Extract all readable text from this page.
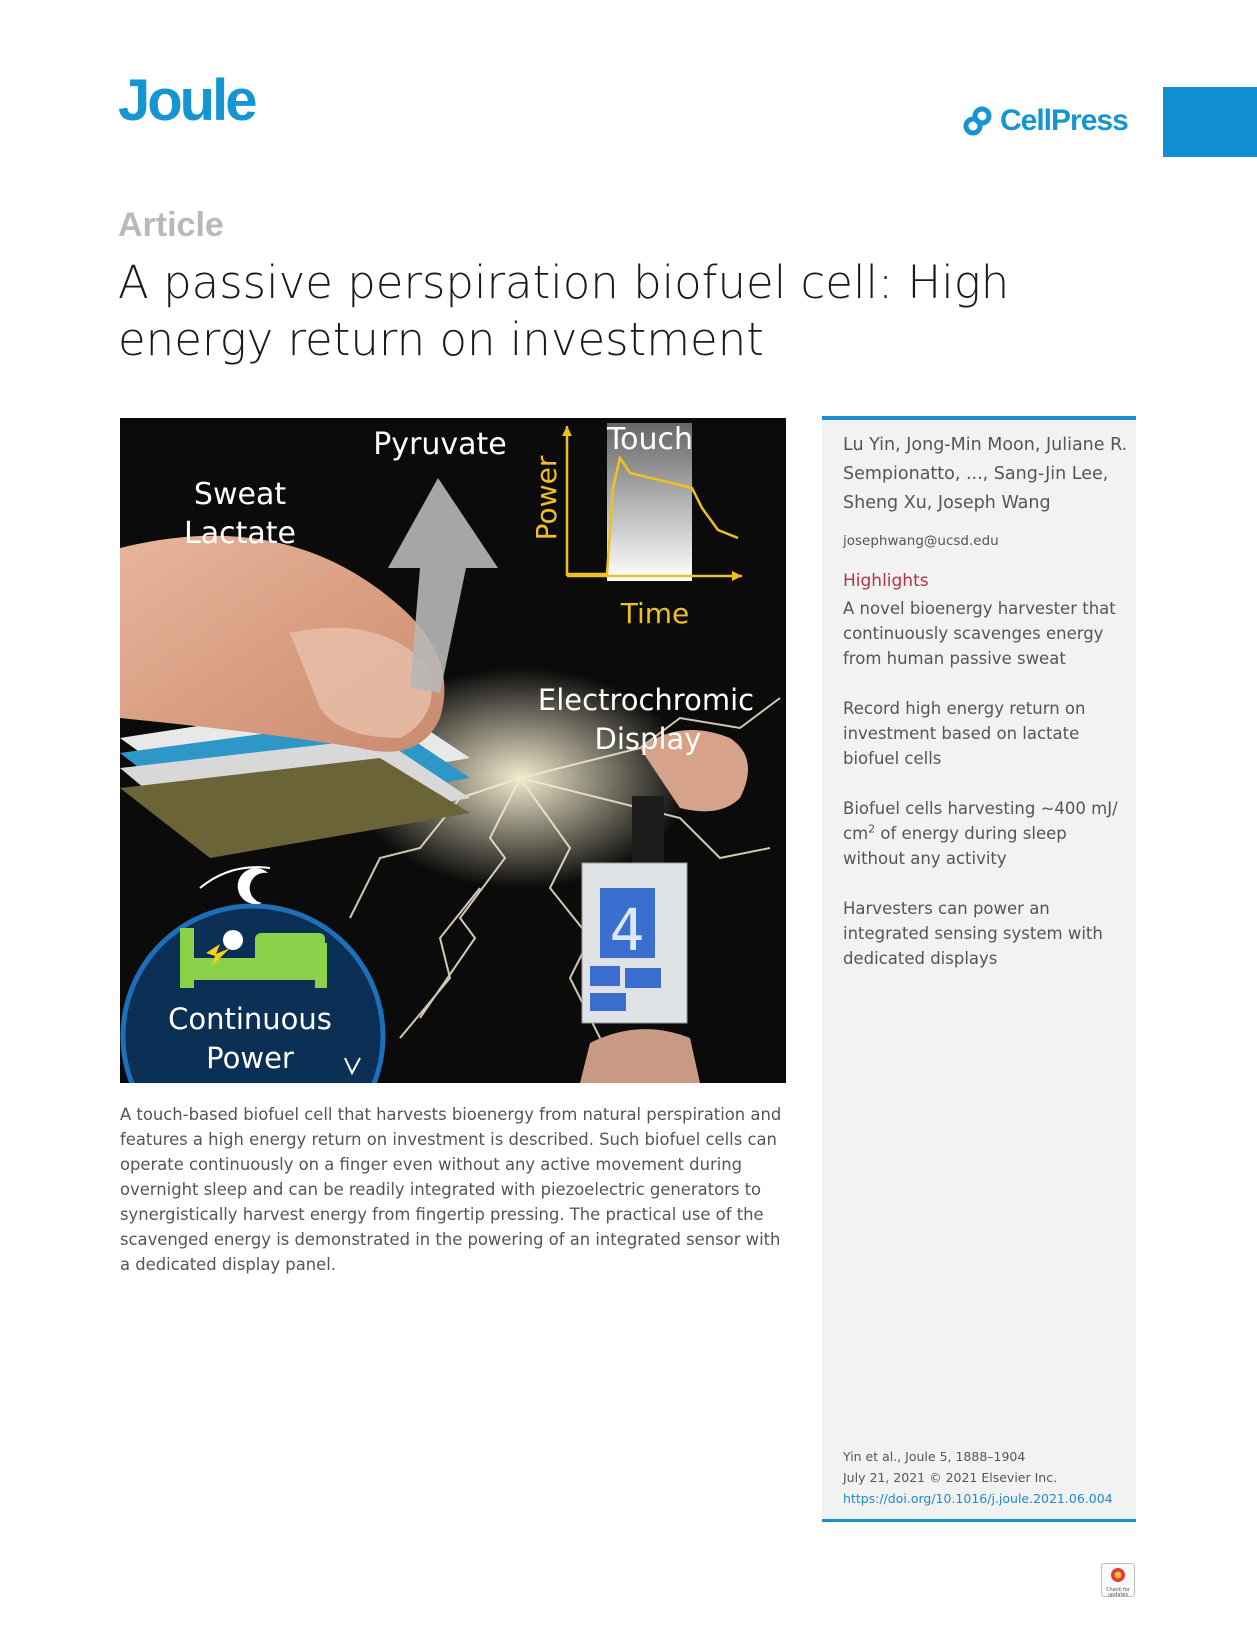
Joule	CellPress
Article
A passive perspiration biofuel cell: High energy return on investment
Sweat
Lactate
Pyruvate	Touch
Power
Time
Electrochromic
Display
4
Continuous
Power

A touch-based biofuel cell that harvests bioenergy from natural perspiration and features a high energy return on investment is described. Such biofuel cells can operate continuously on a finger even without any active movement during overnight sleep and can be readily integrated with piezoelectric generators to synergistically harvest energy from fingertip pressing. The practical use of the scavenged energy is demonstrated in the powering of an integrated sensor with a dedicated display panel.

Lu Yin, Jong-Min Moon, Juliane R. Sempionatto, ..., Sang-Jin Lee, Sheng Xu, Joseph Wang

josephwang@ucsd.edu

Highlights
A novel bioenergy harvester that continuously scavenges energy from human passive sweat
Record high energy return on investment based on lactate biofuel cells
Biofuel cells harvesting ~400 mJ/ $cm^2$ of energy during sleep without any activity
Harvesters can power an integrated sensing system with dedicated displays

Yin et al., Joule 5, 1888–1904
July 21, 2021 © 2021 Elsevier Inc.
https://doi.org/10.1016/j.joule.2021.06.004

Check for updates
